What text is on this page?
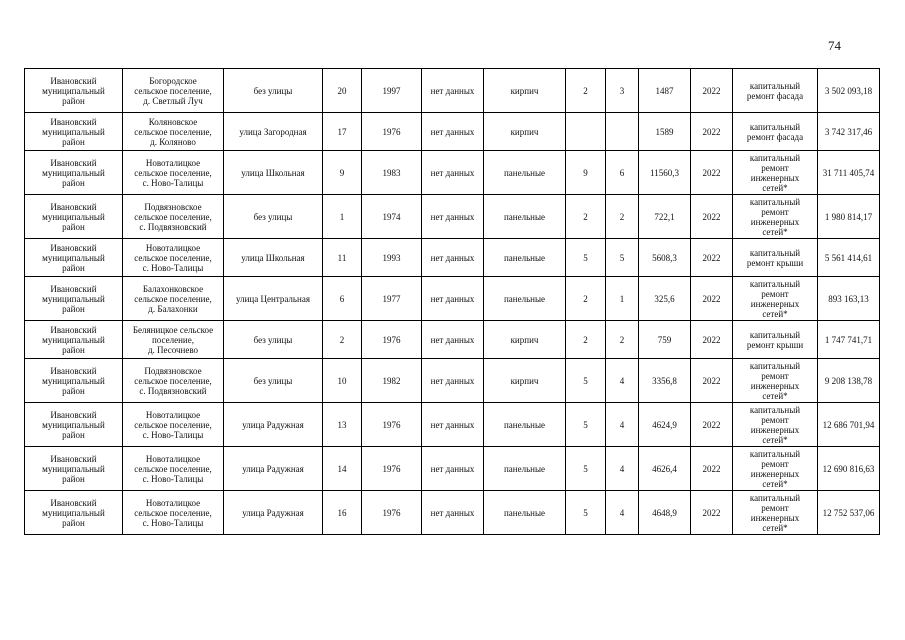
74
Ивановский
муниципальный
район	Богородское
сельское поселение,
д. Светлый Луч	без улицы	20	1997	нет данных	кирпич	2	3	1487	2022	капитальный
ремонт фасада	3 502 093,18
Ивановский
муниципальный
район	Коляновское
сельское поселение,
д. Коляново	улица Загородная	17	1976	нет данных	кирпич			1589	2022	капитальный
ремонт фасада	3 742 317,46
Ивановский
муниципальный
район	Новоталицкое
сельское поселение,
с. Ново-Талицы	улица Школьная	9	1983	нет данных	панельные	9	6	11560,3	2022	капитальный
ремонт
инженерных
сетей*	31 711 405,74
Ивановский
муниципальный
район	Подвязновское
сельское поселение,
с. Подвязновский	без улицы	1	1974	нет данных	панельные	2	2	722,1	2022	капитальный
ремонт
инженерных
сетей*	1 980 814,17
Ивановский
муниципальный
район	Новоталицкое
сельское поселение,
с. Ново-Талицы	улица Школьная	11	1993	нет данных	панельные	5	5	5608,3	2022	капитальный
ремонт крыши	5 561 414,61
Ивановский
муниципальный
район	Балахонковское
сельское поселение,
д. Балахонки	улица Центральная	6	1977	нет данных	панельные	2	1	325,6	2022	капитальный
ремонт
инженерных
сетей*	893 163,13
Ивановский
муниципальный
район	Беляницкое сельское
поселение,
д. Песочнево	без улицы	2	1976	нет данных	кирпич	2	2	759	2022	капитальный
ремонт крыши	1 747 741,71
Ивановский
муниципальный
район	Подвязновское
сельское поселение,
с. Подвязновский	без улицы	10	1982	нет данных	кирпич	5	4	3356,8	2022	капитальный
ремонт
инженерных
сетей*	9 208 138,78
Ивановский
муниципальный
район	Новоталицкое
сельское поселение,
с. Ново-Талицы	улица Радужная	13	1976	нет данных	панельные	5	4	4624,9	2022	капитальный
ремонт
инженерных
сетей*	12 686 701,94
Ивановский
муниципальный
район	Новоталицкое
сельское поселение,
с. Ново-Талицы	улица Радужная	14	1976	нет данных	панельные	5	4	4626,4	2022	капитальный
ремонт
инженерных
сетей*	12 690 816,63
Ивановский
муниципальный
район	Новоталицкое
сельское поселение,
с. Ново-Талицы	улица Радужная	16	1976	нет данных	панельные	5	4	4648,9	2022	капитальный
ремонт
инженерных
сетей*	12 752 537,06
